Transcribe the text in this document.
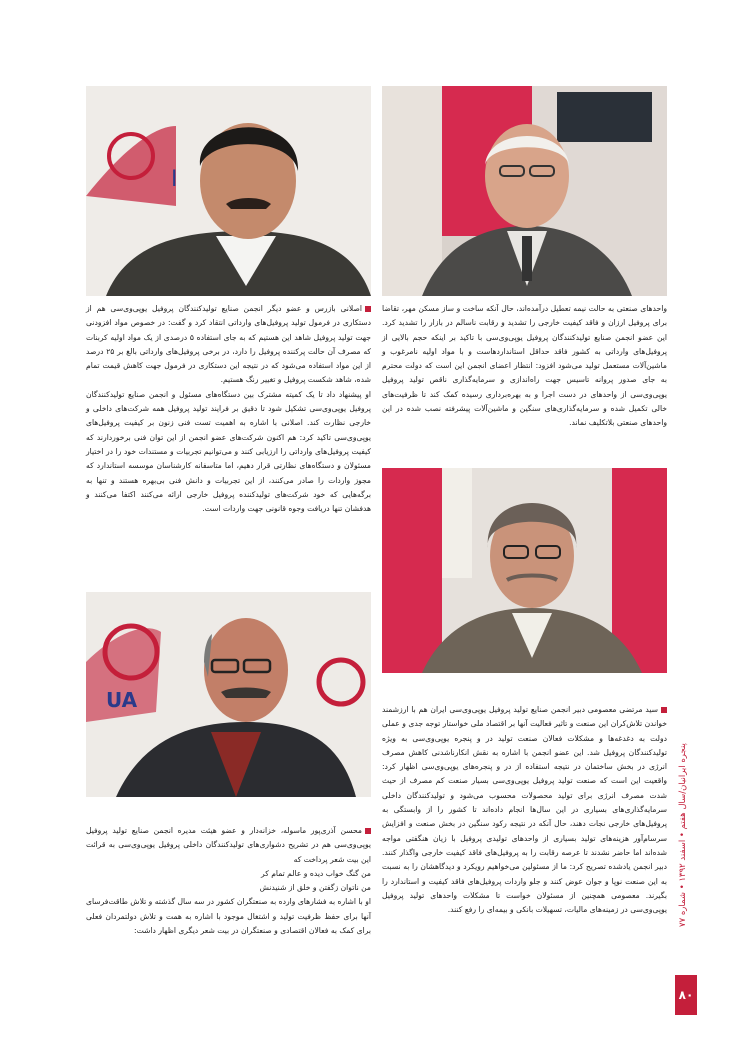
I
UA

واحدهای صنعتی به حالت نیمه تعطیل درآمده‌اند، حال آنکه ساخت و ساز مسکن مهر، تقاضا برای پروفیل ارزان و فاقد کیفیت خارجی را تشدید و رقابت ناسالم در بازار را تشدید کرد. این عضو انجمن صنایع تولیدکنندگان پروفیل یوپی‌وی‌سی با تاکید بر اینکه حجم بالایی از پروفیل‌های وارداتی به کشور فاقد حداقل استانداردهاست و با مواد اولیه نامرغوب و ماشین‌آلات مستعمل تولید می‌شود افزود: انتظار اعضای انجمن این است که دولت محترم به جای صدور پروانه تاسیس جهت راه‌اندازی و سرمایه‌گذاری ناقص تولید پروفیل یوپی‌وی‌سی از واحدهای در دست اجرا و به بهره‌برداری رسیده کمک کند تا ظرفیت‌های خالی تکمیل شده و سرمایه‌گذاری‌های سنگین و ماشین‌آلات پیشرفته نصب شده در این واحدهای صنعتی بلاتکلیف نماند.

سید مرتضی معصومی دبیر انجمن صنایع تولید پروفیل یوپی‌وی‌سی ایران هم با ارزشمند خواندن تلاش‌کران این صنعت و تاثیر فعالیت آنها بر اقتصاد ملی خواستار توجه جدی و عملی دولت به دغدغه‌ها و مشکلات فعالان صنعت تولید در و پنجره یوپی‌وی‌سی به ویژه تولیدکنندگان پروفیل شد. این عضو انجمن با اشاره به نقش انکارناشدنی کاهش مصرف انرژی در بخش ساختمان در نتیجه استفاده از در و پنجره‌های یوپی‌وی‌سی اظهار کرد: واقعیت این است که صنعت تولید پروفیل یوپی‌وی‌سی بسیار صنعت کم مصرف از حیث شدت مصرف انرژی برای تولید محصولات محسوب می‌شود و تولیدکنندگان داخلی سرمایه‌گذاری‌های بسیاری در این سال‌ها انجام داده‌اند تا کشور را از وابستگی به پروفیل‌های خارجی نجات دهند، حال آنکه در نتیجه رکود سنگین در بخش صنعت و افزایش سرسام‌آور هزینه‌های تولید بسیاری از واحدهای تولیدی پروفیل با زیان هنگفتی مواجه شده‌اند اما حاضر نشدند تا عرصه رقابت را به پروفیل‌های فاقد کیفیت خارجی واگذار کنند. دبیر انجمن یادشده تصریح کرد: ما از مسئولین می‌خواهیم رویکرد و دیدگاهشان را به نسبت به این صنعت نوپا و جوان عوض کنند و جلو واردات پروفیل‌های فاقد کیفیت و استاندارد را بگیرند. معصومی همچنین از مسئولان خواست تا مشکلات واحدهای تولید پروفیل یوپی‌وی‌سی در زمینه‌های مالیات، تسهیلات بانکی و بیمه‌ای را رفع کنند.

اصلانی بازرس و عضو دیگر انجمن صنایع تولیدکنندگان پروفیل یوپی‌وی‌سی هم از دستکاری در فرمول تولید پروفیل‌های وارداتی انتقاد کرد و گفت: در خصوص مواد افزودنی جهت تولید پروفیل شاهد این هستیم که به جای استفاده ۵ درصدی از یک مواد اولیه کربنات که مصرف آن حالت پرکننده پروفیل را دارد، در برخی پروفیل‌های وارداتی بالغ بر ۲۵ درصد از این مواد استفاده می‌شود که در نتیجه این دستکاری در فرمول جهت کاهش قیمت تمام شده، شاهد شکست پروفیل و تغییر رنگ هستیم.

او پیشنهاد داد تا یک کمیته مشترک بین دستگاه‌های مسئول و انجمن صنایع تولیدکنندگان پروفیل یوپی‌وی‌سی تشکیل شود تا دقیق بر فرایند تولید پروفیل همه شرکت‌های داخلی و خارجی نظارت کند. اصلانی با اشاره به اهمیت تست فنی زنون بر کیفیت پروفیل‌های یوپی‌وی‌سی تاکید کرد: هم اکنون شرکت‌های عضو انجمن از این توان فنی برخوردارند که کیفیت پروفیل‌های وارداتی را ارزیابی کنند و می‌توانیم تجربیات و مستندات خود را در اختیار مسئولان و دستگاه‌های نظارتی قرار دهیم، اما متاسفانه کارشناسان موسسه استاندارد که مجوز واردات را صادر می‌کنند، از این تجربیات و دانش فنی بی‌بهره هستند و تنها به برگه‌هایی که خود شرکت‌های تولیدکننده پروفیل خارجی ارائه می‌کنند اکتفا می‌کنند و هدفشان تنها دریافت وجوه قانونی جهت واردات است.

محسن آذری‌پور ماسوله، خزانه‌دار و عضو هیئت مدیره انجمن صنایع تولید پروفیل یوپی‌وی‌سی هم در تشریح دشواری‌های تولیدکنندگان داخلی پروفیل یوپی‌وی‌سی به قرائت این بیت شعر پرداخت که

من گنگ خواب دیده و عالم تمام کر

من ناتوان زگفتن و خلق از شنیدنش

او با اشاره به فشارهای وارده به صنعتگران کشور در سه سال گذشته و تلاش طاقت‌فرسای آنها برای حفظ ظرفیت تولید و اشتغال موجود با اشاره به همت و تلاش دولتمردان فعلی برای کمک به فعالان اقتصادی و صنعتگران در بیت شعر دیگری اظهار داشت:

پنجره ایرانیان/سال هفتم • اسفند ۱۳۹۲ • شماره ۷۷
۸۰
